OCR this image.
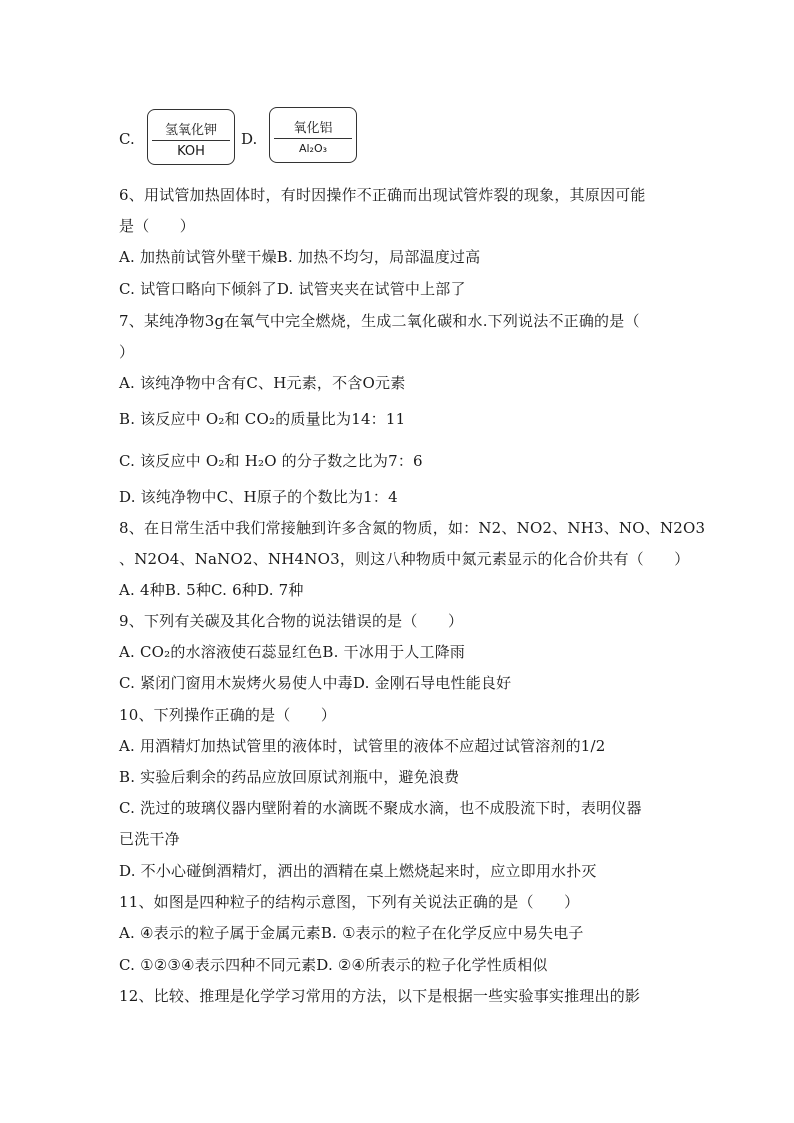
C.	氢氧化钾
KOH
D.
氧化铝
Al₂O₃
6、用试管加热固体时，有时因操作不正确而出现试管炸裂的现象，其原因可能
是（　　）
A. 加热前试管外壁干燥B. 加热不均匀，局部温度过高
C. 试管口略向下倾斜了D. 试管夹夹在试管中上部了
7、某纯净物3g在氧气中完全燃烧，生成二氧化碳和水.下列说法不正确的是（
）
A. 该纯净物中含有C、H元素，不含O元素
B. 该反应中 O₂和 CO₂的质量比为14：11
C. 该反应中 O₂和 H₂O 的分子数之比为7：6
D. 该纯净物中C、H原子的个数比为1：4
8、在日常生活中我们常接触到许多含氮的物质，如：N2、NO2、NH3、NO、N2O3
、N2O4、NaNO2、NH4NO3，则这八种物质中氮元素显示的化合价共有（　　）
A. 4种B. 5种C. 6种D. 7种
9、下列有关碳及其化合物的说法错误的是（　　）
A. CO₂的水溶液使石蕊显红色B. 干冰用于人工降雨
C. 紧闭门窗用木炭烤火易使人中毒D. 金刚石导电性能良好
10、下列操作正确的是（　　）
A. 用酒精灯加热试管里的液体时，试管里的液体不应超过试管溶剂的1/2
B. 实验后剩余的药品应放回原试剂瓶中，避免浪费
C. 洗过的玻璃仪器内壁附着的水滴既不聚成水滴，也不成股流下时，表明仪器
已洗干净
D. 不小心碰倒酒精灯，洒出的酒精在桌上燃烧起来时，应立即用水扑灭
11、如图是四种粒子的结构示意图，下列有关说法正确的是（　　）
A. ④表示的粒子属于金属元素B. ①表示的粒子在化学反应中易失电子
C. ①②③④表示四种不同元素D. ②④所表示的粒子化学性质相似
12、比较、推理是化学学习常用的方法，以下是根据一些实验事实推理出的影
